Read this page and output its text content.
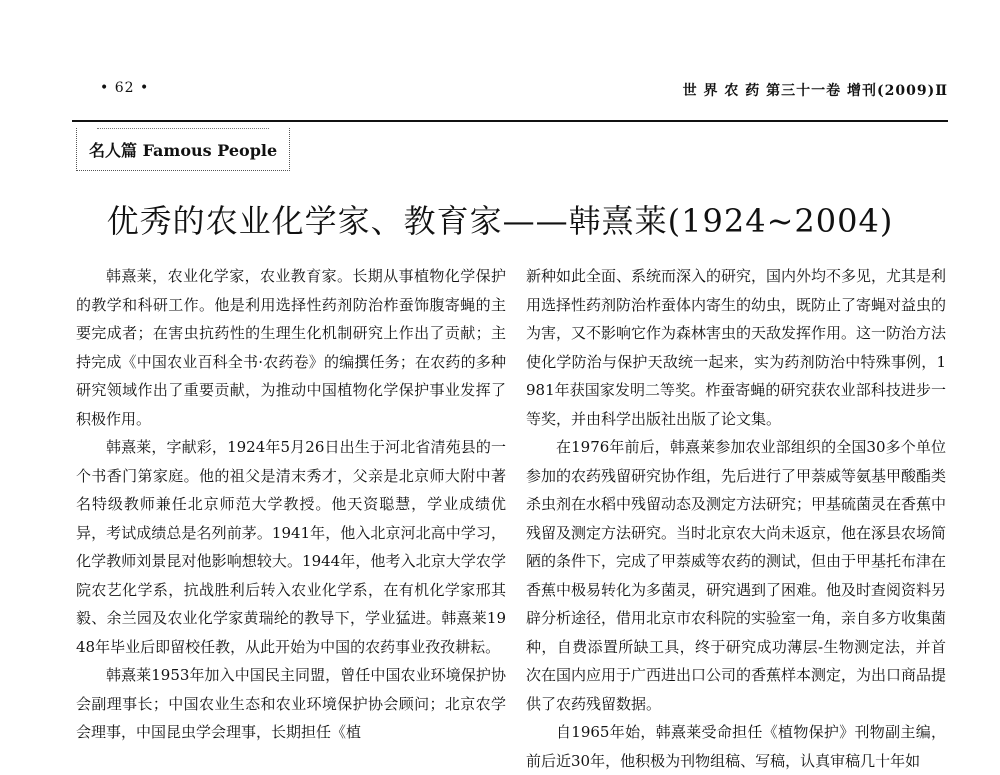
• 62 •	世 界 农 药 第三十一卷 增刊(2009)Ⅱ
名人篇 Famous People
优秀的农业化学家、教育家——韩熹莱(1924~2004)

韩熹莱，农业化学家，农业教育家。长期从事植物化学保护的教学和科研工作。他是利用选择性药剂防治柞蚕饰腹寄蝇的主要完成者；在害虫抗药性的生理生化机制研究上作出了贡献；主持完成《中国农业百科全书·农药卷》的编撰任务；在农药的多种研究领域作出了重要贡献，为推动中国植物化学保护事业发挥了积极作用。

韩熹莱，字献彩，1924年5月26日出生于河北省清苑县的一个书香门第家庭。他的祖父是清末秀才，父亲是北京师大附中著名特级教师兼任北京师范大学教授。他天资聪慧，学业成绩优异，考试成绩总是名列前茅。1941年，他入北京河北高中学习，化学教师刘景昆对他影响想较大。1944年，他考入北京大学农学院农艺化学系，抗战胜利后转入农业化学系，在有机化学家邢其毅、余兰园及农业化学家黄瑞纶的教导下，学业猛进。韩熹莱1948年毕业后即留校任教，从此开始为中国的农药事业孜孜耕耘。

韩熹莱1953年加入中国民主同盟，曾任中国农业环境保护协会副理事长；中国农业生态和农业环境保护协会顾问；北京农学会理事，中国昆虫学会理事，长期担任《植

新种如此全面、系统而深入的研究，国内外均不多见，尤其是利用选择性药剂防治柞蚕体内寄生的幼虫，既防止了寄蝇对益虫的为害，又不影响它作为森林害虫的天敌发挥作用。这一防治方法使化学防治与保护天敌统一起来，实为药剂防治中特殊事例，1981年获国家发明二等奖。柞蚕寄蝇的研究获农业部科技进步一等奖，并由科学出版社出版了论文集。

在1976年前后，韩熹莱参加农业部组织的全国30多个单位参加的农药残留研究协作组，先后进行了甲萘威等氨基甲酸酯类杀虫剂在水稻中残留动态及测定方法研究；甲基硫菌灵在香蕉中残留及测定方法研究。当时北京农大尚未返京，他在涿县农场简陋的条件下，完成了甲萘威等农药的测试，但由于甲基托布津在香蕉中极易转化为多菌灵，研究遇到了困难。他及时查阅资料另辟分析途径，借用北京市农科院的实验室一角，亲自多方收集菌种，自费添置所缺工具，终于研究成功薄层-生物测定法，并首次在国内应用于广西进出口公司的香蕉样本测定，为出口商品提供了农药残留数据。

自1965年始，韩熹莱受命担任《植物保护》刊物副主编，前后近30年，他积极为刊物组稿、写稿，认真审稿几十年如
